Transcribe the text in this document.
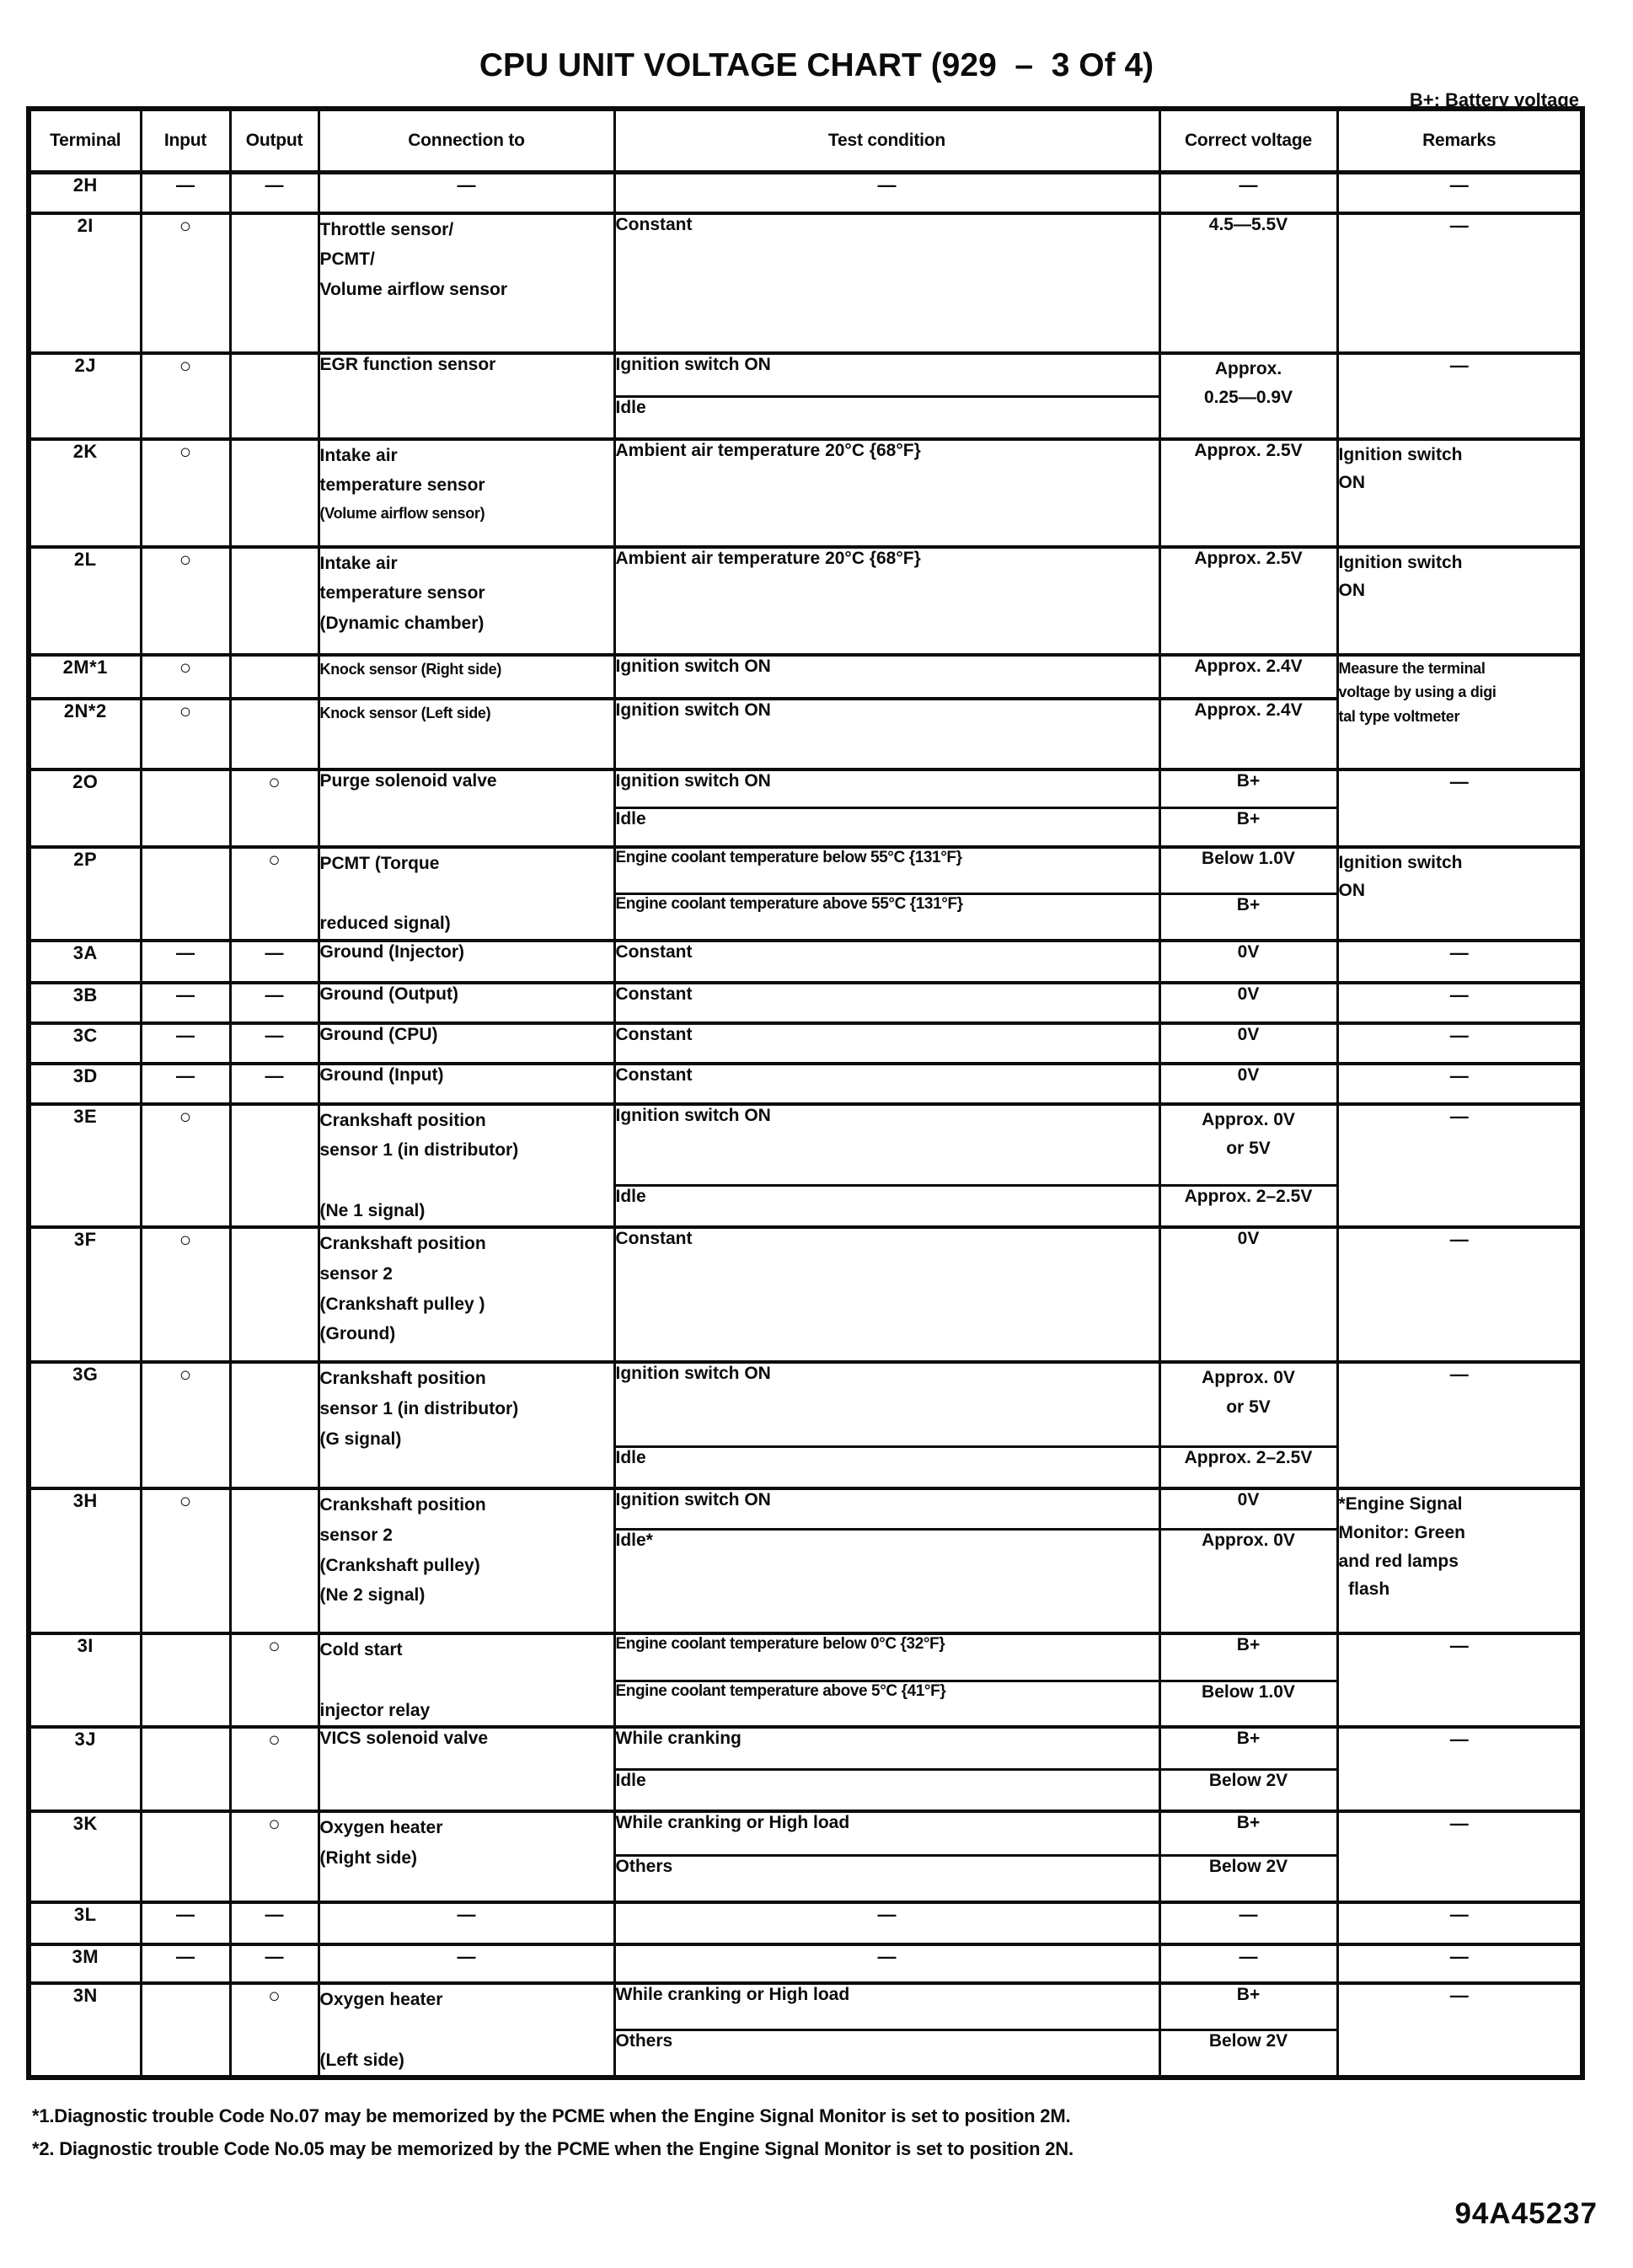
CPU UNIT VOLTAGE CHART (929  –  3 Of 4)
B+: Battery voltage
Terminal	Input	Output	Connection to	Test condition	Correct voltage	Remarks
2H	—	—	—	—	—	—
2I	○		Throttle sensor/
PCMT/
Volume airflow sensor	Constant	4.5—5.5V	—
2J	○		EGR function sensor	Ignition switch ON	Approx.
0.25—0.9V	—
				Idle		
2K	○		Intake air
temperature sensor
(Volume airflow sensor)
	Ambient air temperature 20°C {68°F}	Approx. 2.5V	Ignition switch
ON

2L	○		Intake air
temperature sensor
(Dynamic chamber)
	Ambient air temperature 20°C {68°F}	Approx. 2.5V	Ignition switch
ON

2M*1	○		Knock sensor (Right side)	Ignition switch ON	Approx. 2.4V	Measure the terminal
voltage by using a digi
tal type voltmeter

2N*2	○		Knock sensor (Left side)	Ignition switch ON	Approx. 2.4V	
2O		○	Purge solenoid valve	Ignition switch ON	B+	—
				Idle	B+	
2P		○	PCMT (Torque

reduced signal)
	Engine coolant temperature below 55°C {131°F}	Below 1.0V	Ignition switch
ON

				Engine coolant temperature above 55°C {131°F}	B+	
3A	—	—	Ground (Injector)	Constant	0V	—
3B	—	—	Ground (Output)	Constant	0V	—
3C	—	—	Ground (CPU)	Constant	0V	—
3D	—	—	Ground (Input)	Constant	0V	—
3E	○		Crankshaft position
sensor 1 (in distributor)

(Ne 1 signal)
	Ignition switch ON	Approx. 0V
or 5V
	—
				Idle	Approx. 2–2.5V	
3F	○		Crankshaft position
sensor 2
(Crankshaft pulley )
(Ground)	Constant	0V	—
3G	○		Crankshaft position
sensor 1 (in distributor)
(G signal)
	Ignition switch ON	Approx. 0V
or 5V
	—
				Idle	Approx. 2–2.5V	
3H	○		Crankshaft position
sensor 2
(Crankshaft pulley)
(Ne 2 signal)
	Ignition switch ON	0V	*Engine Signal
Monitor: Green
and red lamps
flash

				Idle*	Approx. 0V	
3I		○	Cold start

injector relay	Engine coolant temperature below 0°C {32°F}	B+	—
				Engine coolant temperature above 5°C {41°F}	Below 1.0V	
3J		○	VICS solenoid valve	While cranking	B+	—
				Idle	Below 2V	
3K		○	Oxygen heater
(Right side)	While cranking or High load	B+	—
				Others	Below 2V	
3L	—	—	—	—	—	—
3M	—	—	—	—	—	—
3N		○	Oxygen heater

(Left side)	While cranking or High load	B+	—
				Others	Below 2V	
*1.Diagnostic trouble Code No.07 may be memorized by the PCME when the Engine Signal Monitor is set to position 2M.
*2. Diagnostic trouble Code No.05 may be memorized by the PCME when the Engine Signal Monitor is set to position 2N.
94A45237
